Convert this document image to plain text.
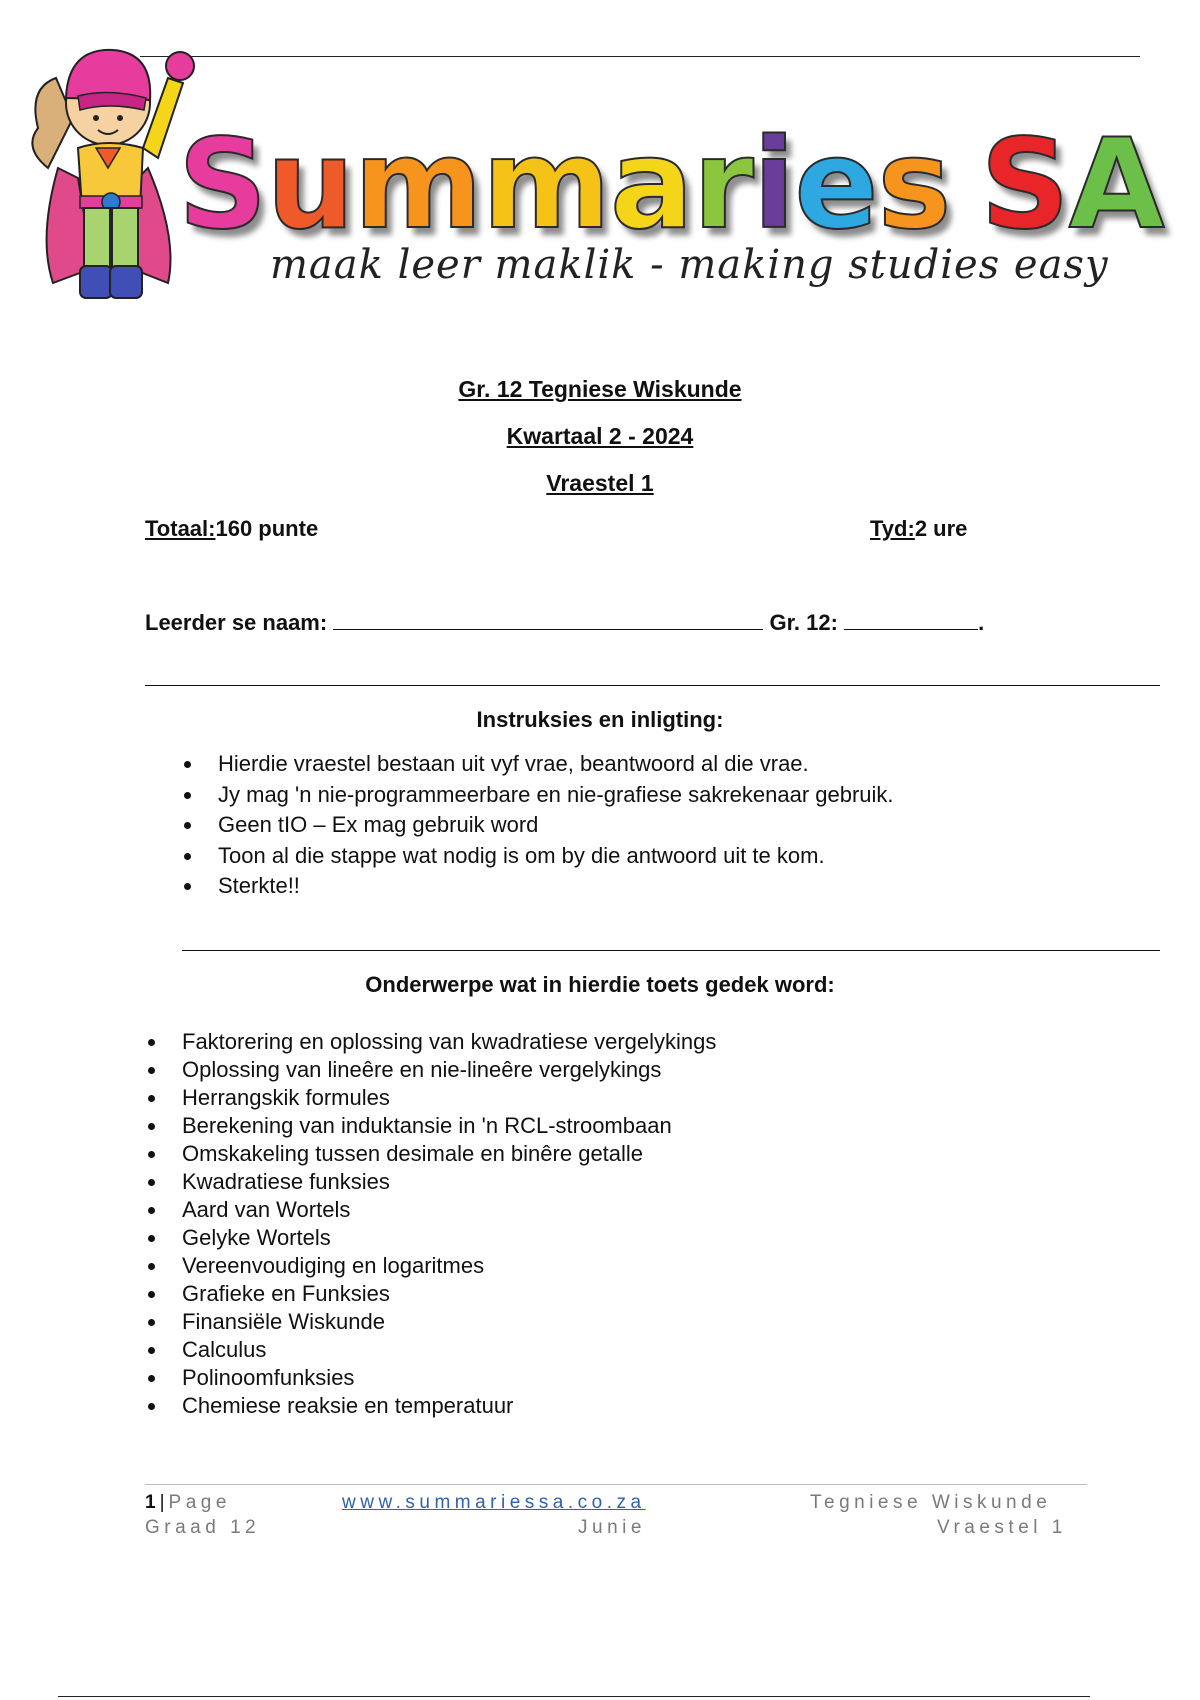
Summaries SA
maak leer maklik - making studies easy
Gr. 12 Tegniese Wiskunde
Kwartaal 2 - 2024
Vraestel 1
Totaal:160 punte	Tyd:2 ure
Leerder se naam:	Gr. 12:	.
Instruksies en inligting:
Hierdie vraestel bestaan uit vyf vrae, beantwoord al die vrae.
Jy mag 'n nie-programmeerbare en nie-grafiese sakrekenaar gebruik.
Geen tIO – Ex mag gebruik word
Toon al die stappe wat nodig is om by die antwoord uit te kom.
Sterkte!!
Onderwerpe wat in hierdie toets gedek word:
Faktorering en oplossing van kwadratiese vergelykings
Oplossing van lineêre en nie-lineêre vergelykings
Herrangskik formules
Berekening van induktansie in 'n RCL-stroombaan
Omskakeling tussen desimale en binêre getalle
Kwadratiese funksies
Aard van Wortels
Gelyke Wortels
Vereenvoudiging en logaritmes
Grafieke en Funksies
Finansiële Wiskunde
Calculus
Polinoomfunksies
Chemiese reaksie en temperatuur
1 | Page	www.summariessa.co.za	Tegniese Wiskunde
Graad 12	Junie	Vraestel 1
